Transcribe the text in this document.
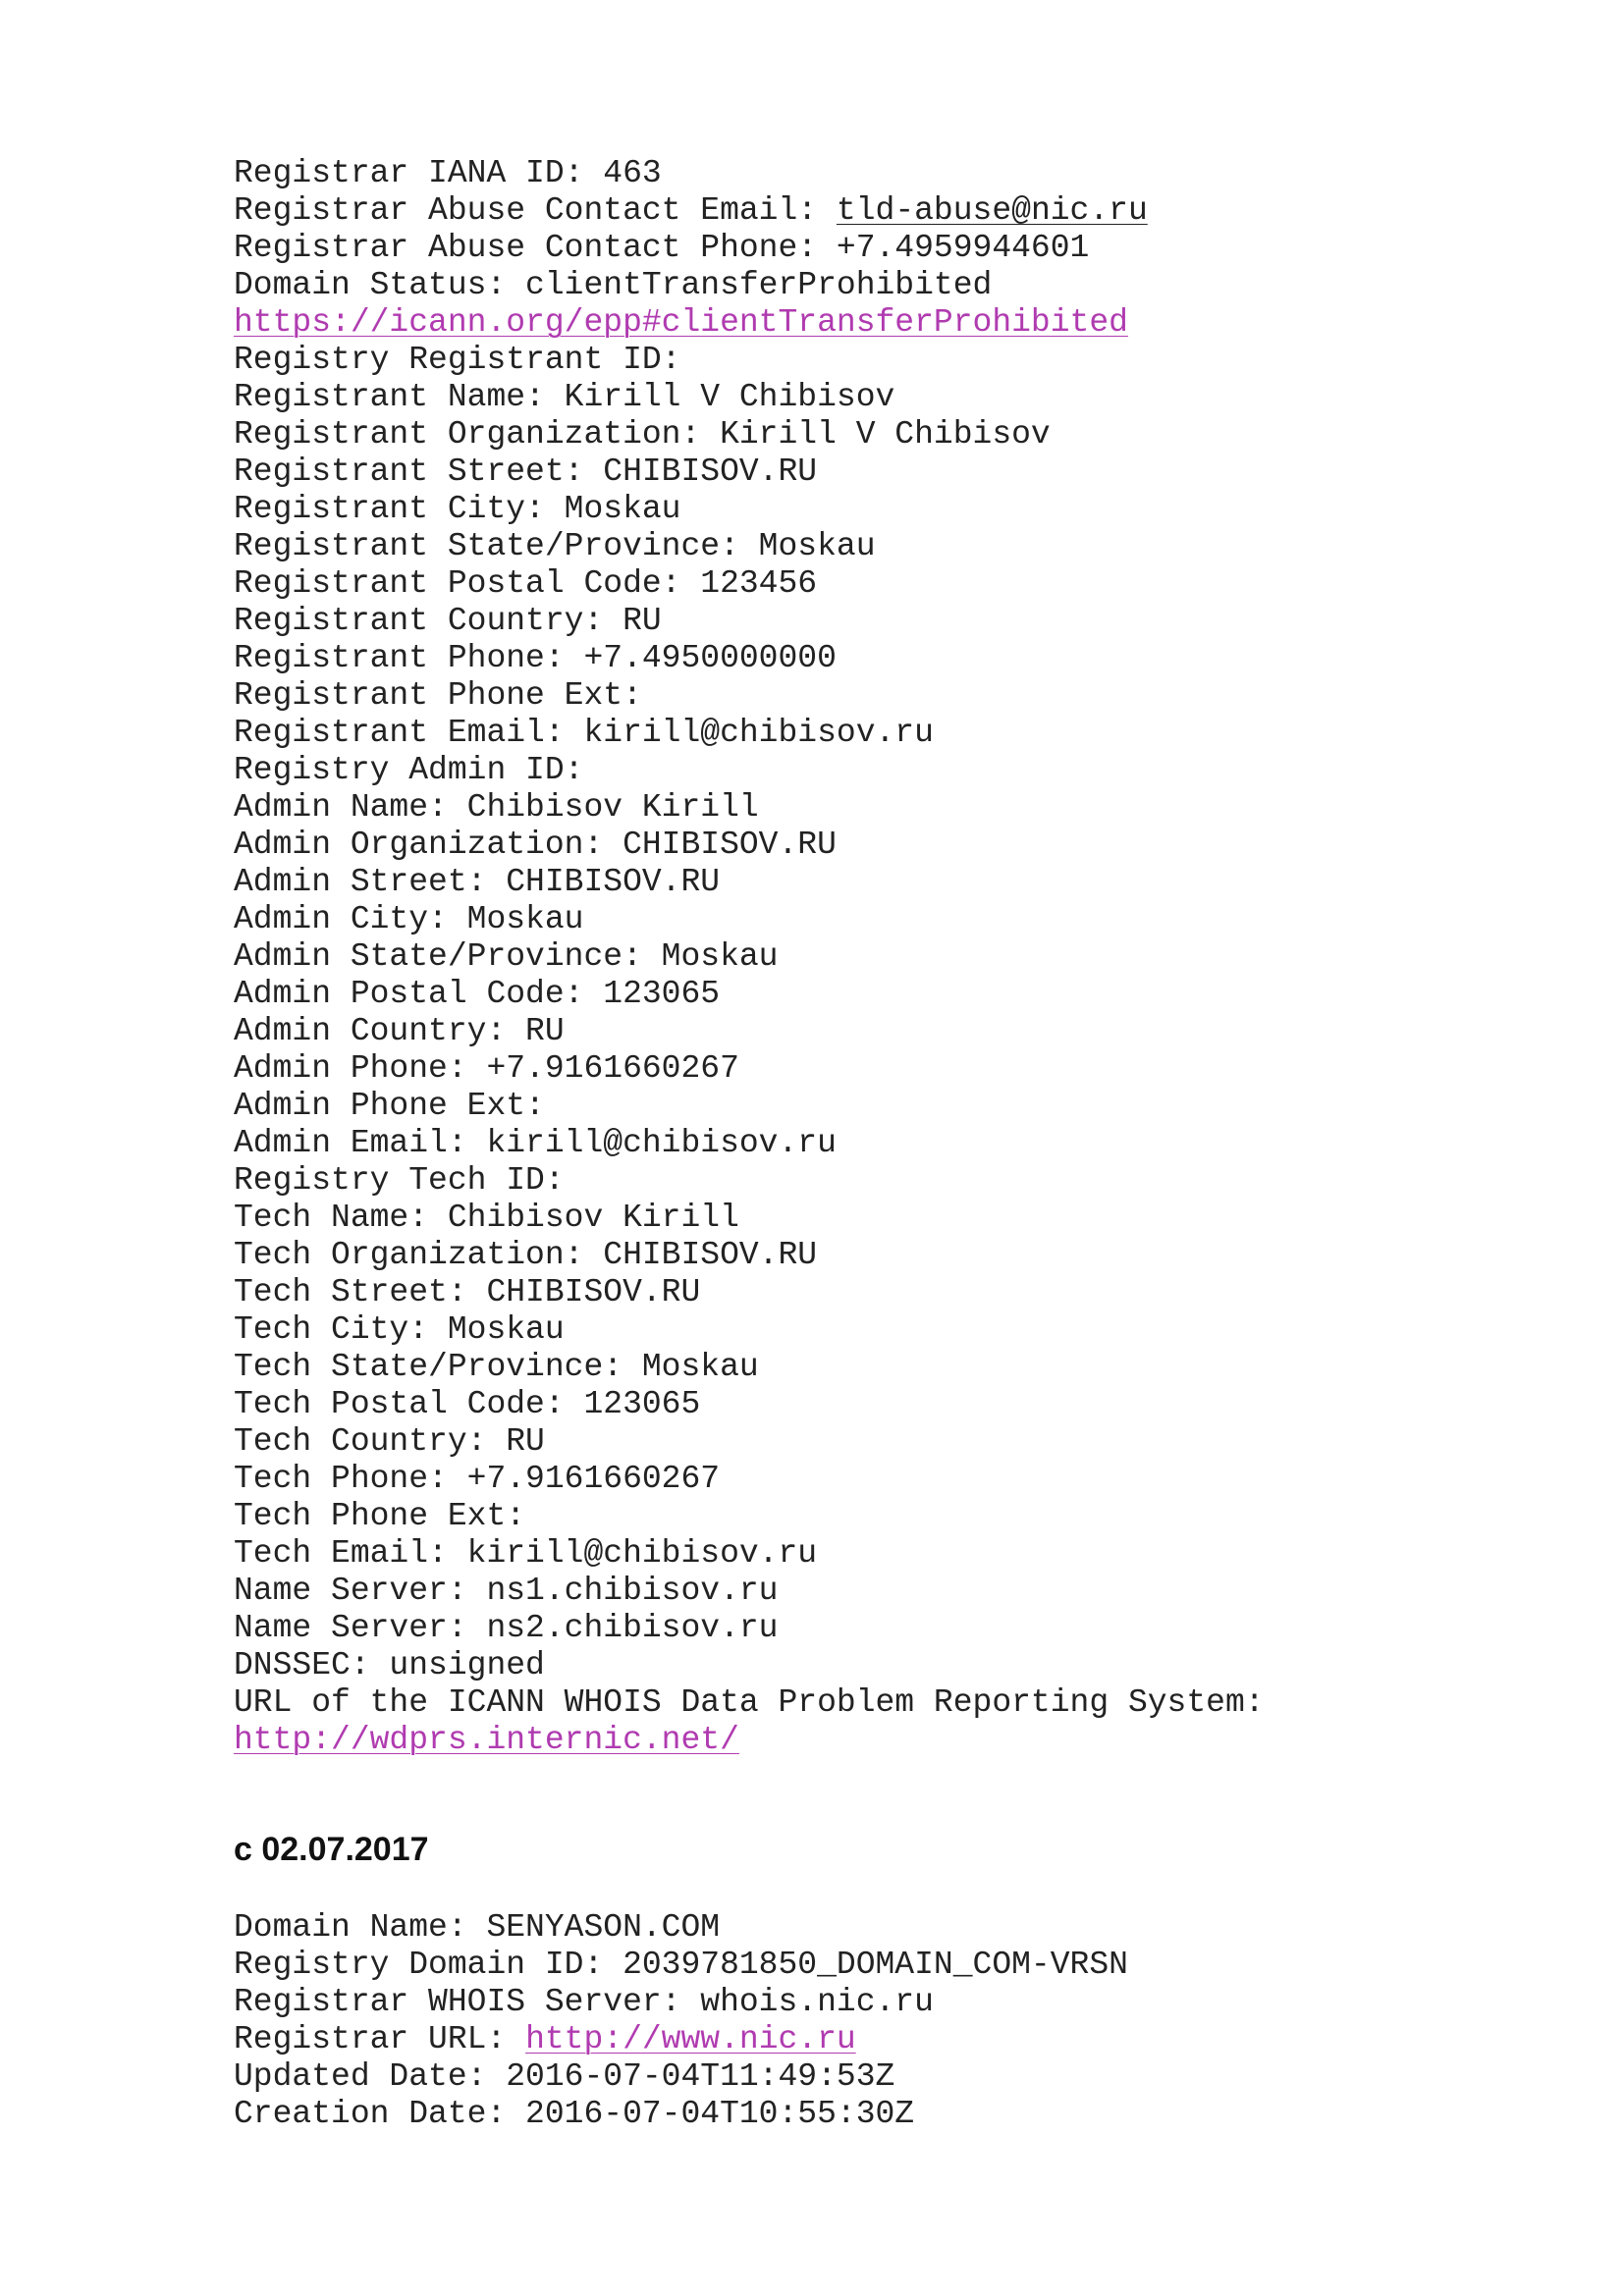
Registrar IANA ID: 463
Registrar Abuse Contact Email: tld-abuse@nic.ru
Registrar Abuse Contact Phone: +7.4959944601
Domain Status: clientTransferProhibited
https://icann.org/epp#clientTransferProhibited
Registry Registrant ID:
Registrant Name: Kirill V Chibisov
Registrant Organization: Kirill V Chibisov
Registrant Street: CHIBISOV.RU
Registrant City: Moskau
Registrant State/Province: Moskau
Registrant Postal Code: 123456
Registrant Country: RU
Registrant Phone: +7.4950000000
Registrant Phone Ext:
Registrant Email: kirill@chibisov.ru
Registry Admin ID:
Admin Name: Chibisov Kirill
Admin Organization: CHIBISOV.RU
Admin Street: CHIBISOV.RU
Admin City: Moskau
Admin State/Province: Moskau
Admin Postal Code: 123065
Admin Country: RU
Admin Phone: +7.9161660267
Admin Phone Ext:
Admin Email: kirill@chibisov.ru
Registry Tech ID:
Tech Name: Chibisov Kirill
Tech Organization: CHIBISOV.RU
Tech Street: CHIBISOV.RU
Tech City: Moskau
Tech State/Province: Moskau
Tech Postal Code: 123065
Tech Country: RU
Tech Phone: +7.9161660267
Tech Phone Ext:
Tech Email: kirill@chibisov.ru
Name Server: ns1.chibisov.ru
Name Server: ns2.chibisov.ru
DNSSEC: unsigned
URL of the ICANN WHOIS Data Problem Reporting System:
http://wdprs.internic.net/
c 02.07.2017
Domain Name: SENYASON.COM
Registry Domain ID: 2039781850_DOMAIN_COM-VRSN
Registrar WHOIS Server: whois.nic.ru
Registrar URL: http://www.nic.ru
Updated Date: 2016-07-04T11:49:53Z
Creation Date: 2016-07-04T10:55:30Z
